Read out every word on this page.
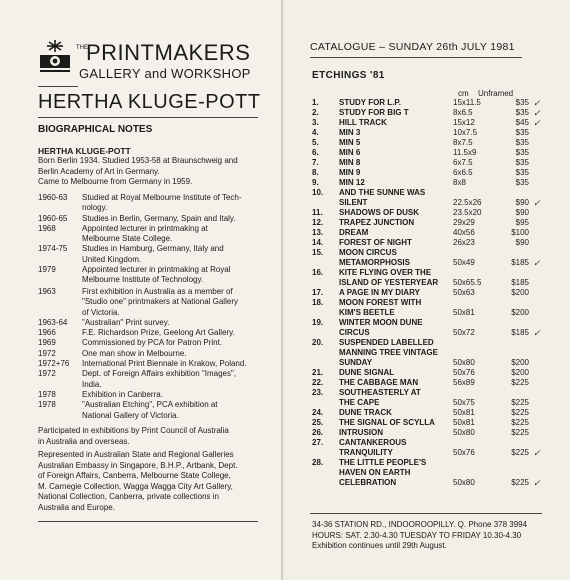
THE
PRINTMAKERS
GALLERY and WORKSHOP
HERTHA KLUGE-POTT
BIOGRAPHICAL NOTES
HERTHA KLUGE-POTT
Born Berlin 1934. Studied 1953-58 at Braunschweig and
Berlin Academy of Art in Germany.
Came to Melbourne from Germany in 1959.
1960-63	Studied at Royal Melbourne Institute of Tech-
nology.
1960-65	Studies in Berlin, Germany, Spain and Italy.
1968	Appointed lecturer in printmaking at
Melbourne State College.
1974-75	Studies in Hamburg, Germany, Italy and
United Kingdom.
1979	Appointed lecturer in printmaking at Royal
Melbourne Institute of Technology.
1963	First exhibition in Australia as a member of
"Studio one" printmakers at National Gallery
of Victoria.
1963-64	"Australian" Print survey.
1966	F.E. Richardson Prize, Geelong Art Gallery.
1969	Commissioned by PCA for Patron Print.
1972	One man show in Melbourne.
1972+76	International Print Biennale in Krakow, Poland.
1972	Dept. of Foreign Affairs exhibition "Images",
India.
1978	Exhibition in Canberra.
1978	"Australian Etching", PCA exhibition at
National Gallery of Victoria.
Participated in exhibitions by Print Council of Australia
in Australia and overseas.
Represented in Australian State and Regional Galleries
Australian Embassy in Singapore, B.H.P., Artbank, Dept.
of Foreign Affairs, Canberra, Melbourne State College,
M. Carnegie Collection, Wagga Wagga City Art Gallery,
National Collection, Canberra, private collections in
Australia and Europe.
CATALOGUE – SUNDAY 26th JULY 1981
ETCHINGS '81
cm Unframed
1.	STUDY FOR L.P.	15x11.5	$35 ✓
2.	STUDY FOR BIG T	8x6.5	$35 ✓
3.	HILL TRACK	15x12	$45 ✓
4.	MIN 3	10x7.5	$35
5.	MIN 5	8x7.5	$35
6.	MIN 6	11.5x9	$35
7.	MIN 8	6x7.5	$35
8.	MIN 9	6x6.5	$35
9.	MIN 12	8x8	$35
10.	AND THE SUNNE WAS
SILENT	22.5x26	$90 ✓
11.	SHADOWS OF DUSK	23.5x20	$90
12.	TRAPEZ JUNCTION	29x29	$95
13.	DREAM	40x56	$100
14.	FOREST OF NIGHT	26x23	$90
15.	MOON CIRCUS
METAMORPHOSIS	50x49	$185 ✓
16.	KITE FLYING OVER THE
ISLAND OF YESTERYEAR	50x65.5	$185
17.	A PAGE IN MY DIARY	50x63	$200
18.	MOON FOREST WITH
KIM'S BEETLE	50x81	$200
19.	WINTER MOON DUNE
CIRCUS	50x72	$185 ✓
20.	SUSPENDED LABELLED
MANNING TREE VINTAGE
SUNDAY	50x80	$200
21.	DUNE SIGNAL	50x76	$200
22.	THE CABBAGE MAN	56x89	$225
23.	SOUTHEASTERLY AT
THE CAPE	50x75	$225
24.	DUNE TRACK	50x81	$225
25.	THE SIGNAL OF SCYLLA	50x81	$225
26.	INTRUSION	50x80	$225
27.	CANTANKEROUS
TRANQUILITY	50x76	$225 ✓
28.	THE LITTLE PEOPLE'S
HAVEN ON EARTH
CELEBRATION	50x80	$225 ✓
34-36 STATION RD., INDOOROOPILLY. Q. Phone 378 3994
HOURS: SAT. 2.30-4.30 TUESDAY TO FRIDAY 10.30-4.30
Exhibition continues until 29th August.
